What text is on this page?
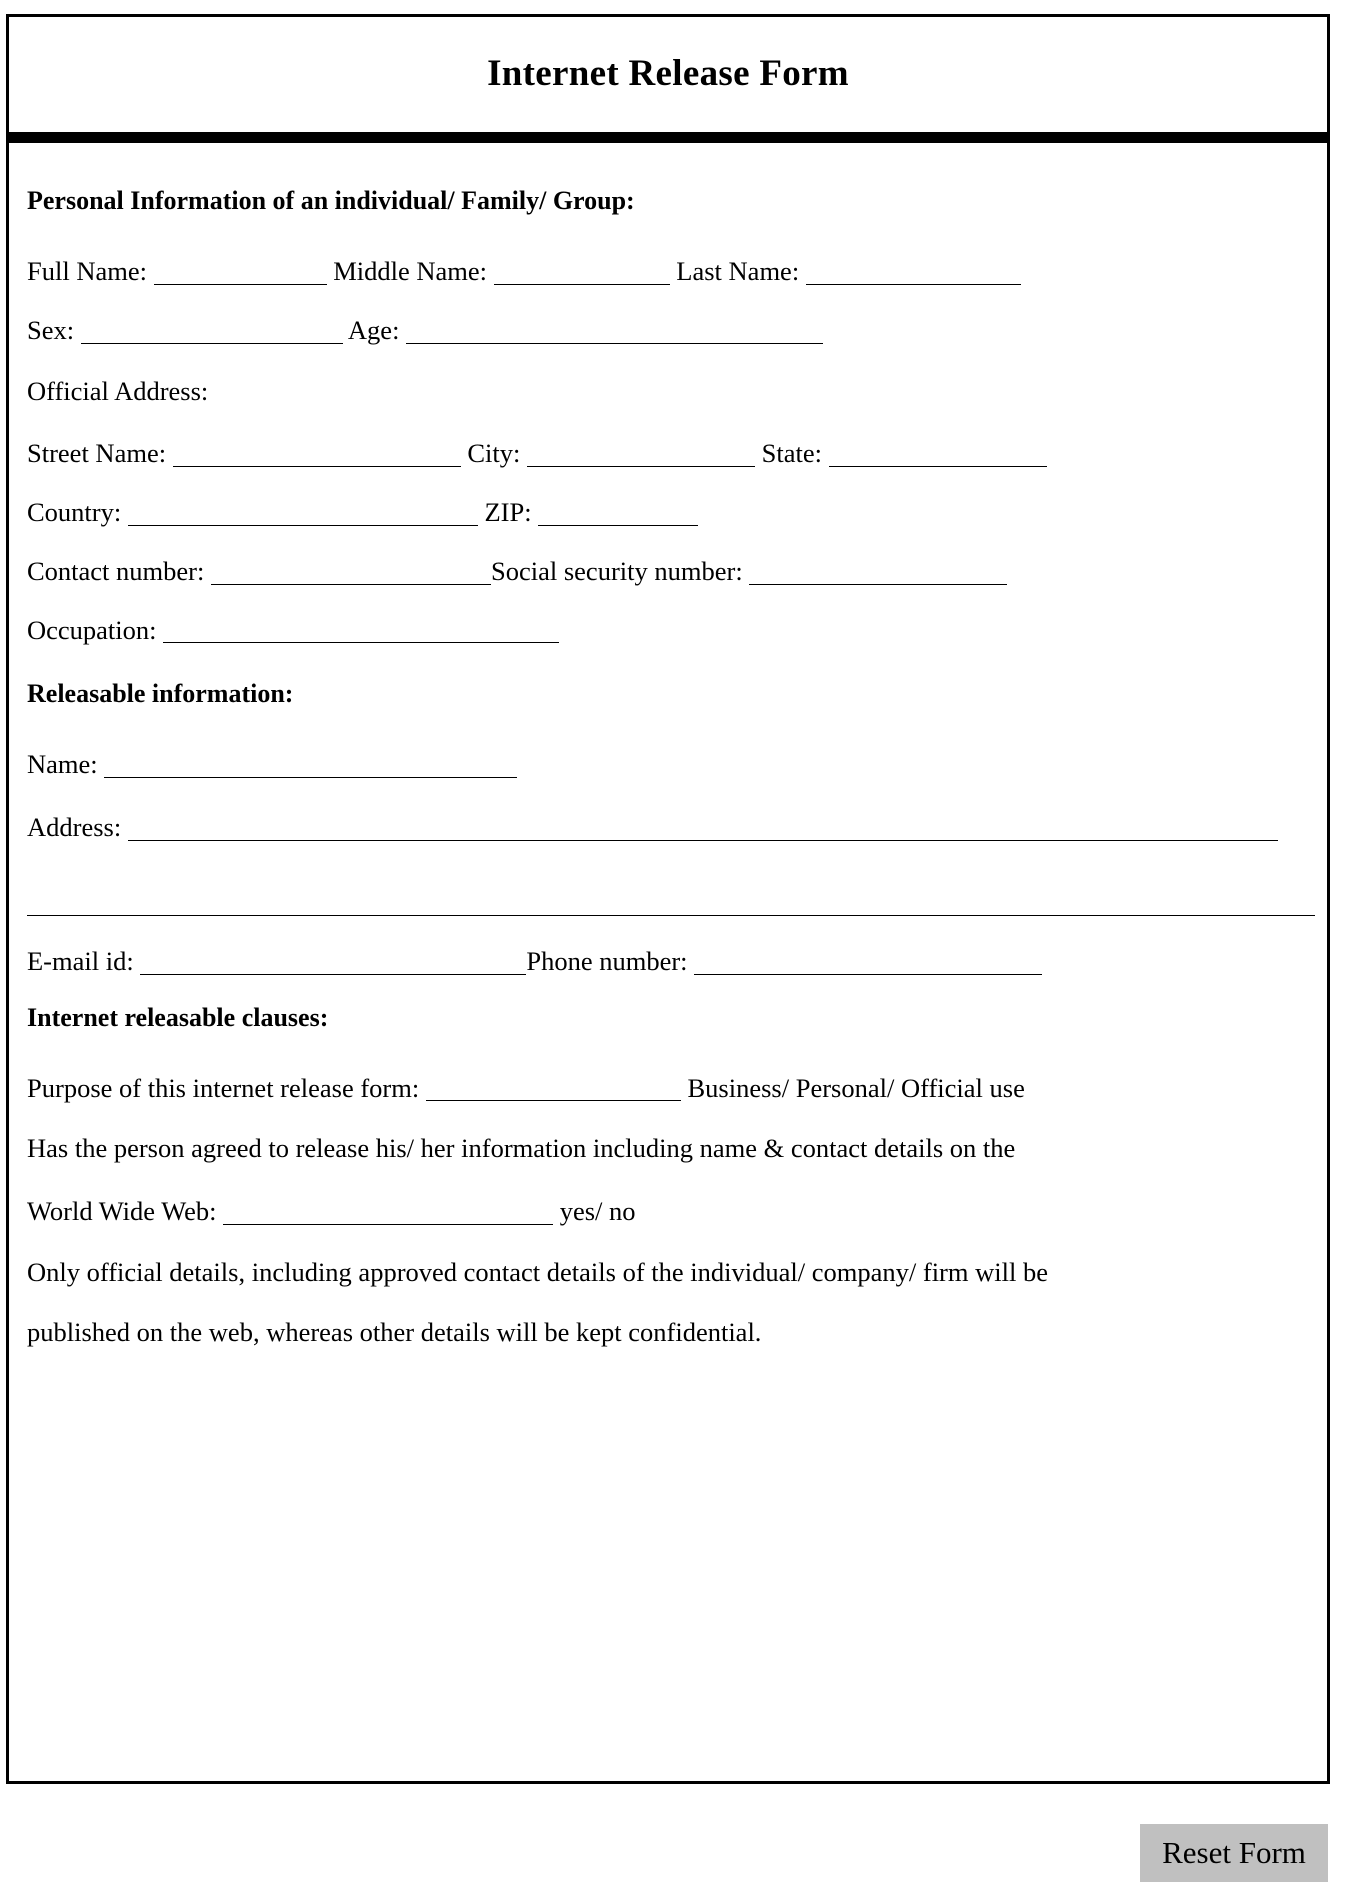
Internet Release Form
Personal Information of an individual/ Family/ Group:
Full Name:	Middle Name:	Last Name:
Sex:	Age:
Official Address:
Street Name:	City:	State:
Country:	ZIP:
Contact number:	Social security number:
Occupation:
Releasable information:
Name:
Address:
E-mail id:	Phone number:
Internet releasable clauses:
Purpose of this internet release form:	Business/ Personal/ Official use
Has the person agreed to release his/ her information including name & contact details on the
World Wide Web:	yes/ no
Only official details, including approved contact details of the individual/ company/ firm will be
published on the web, whereas other details will be kept confidential.
Reset Form
